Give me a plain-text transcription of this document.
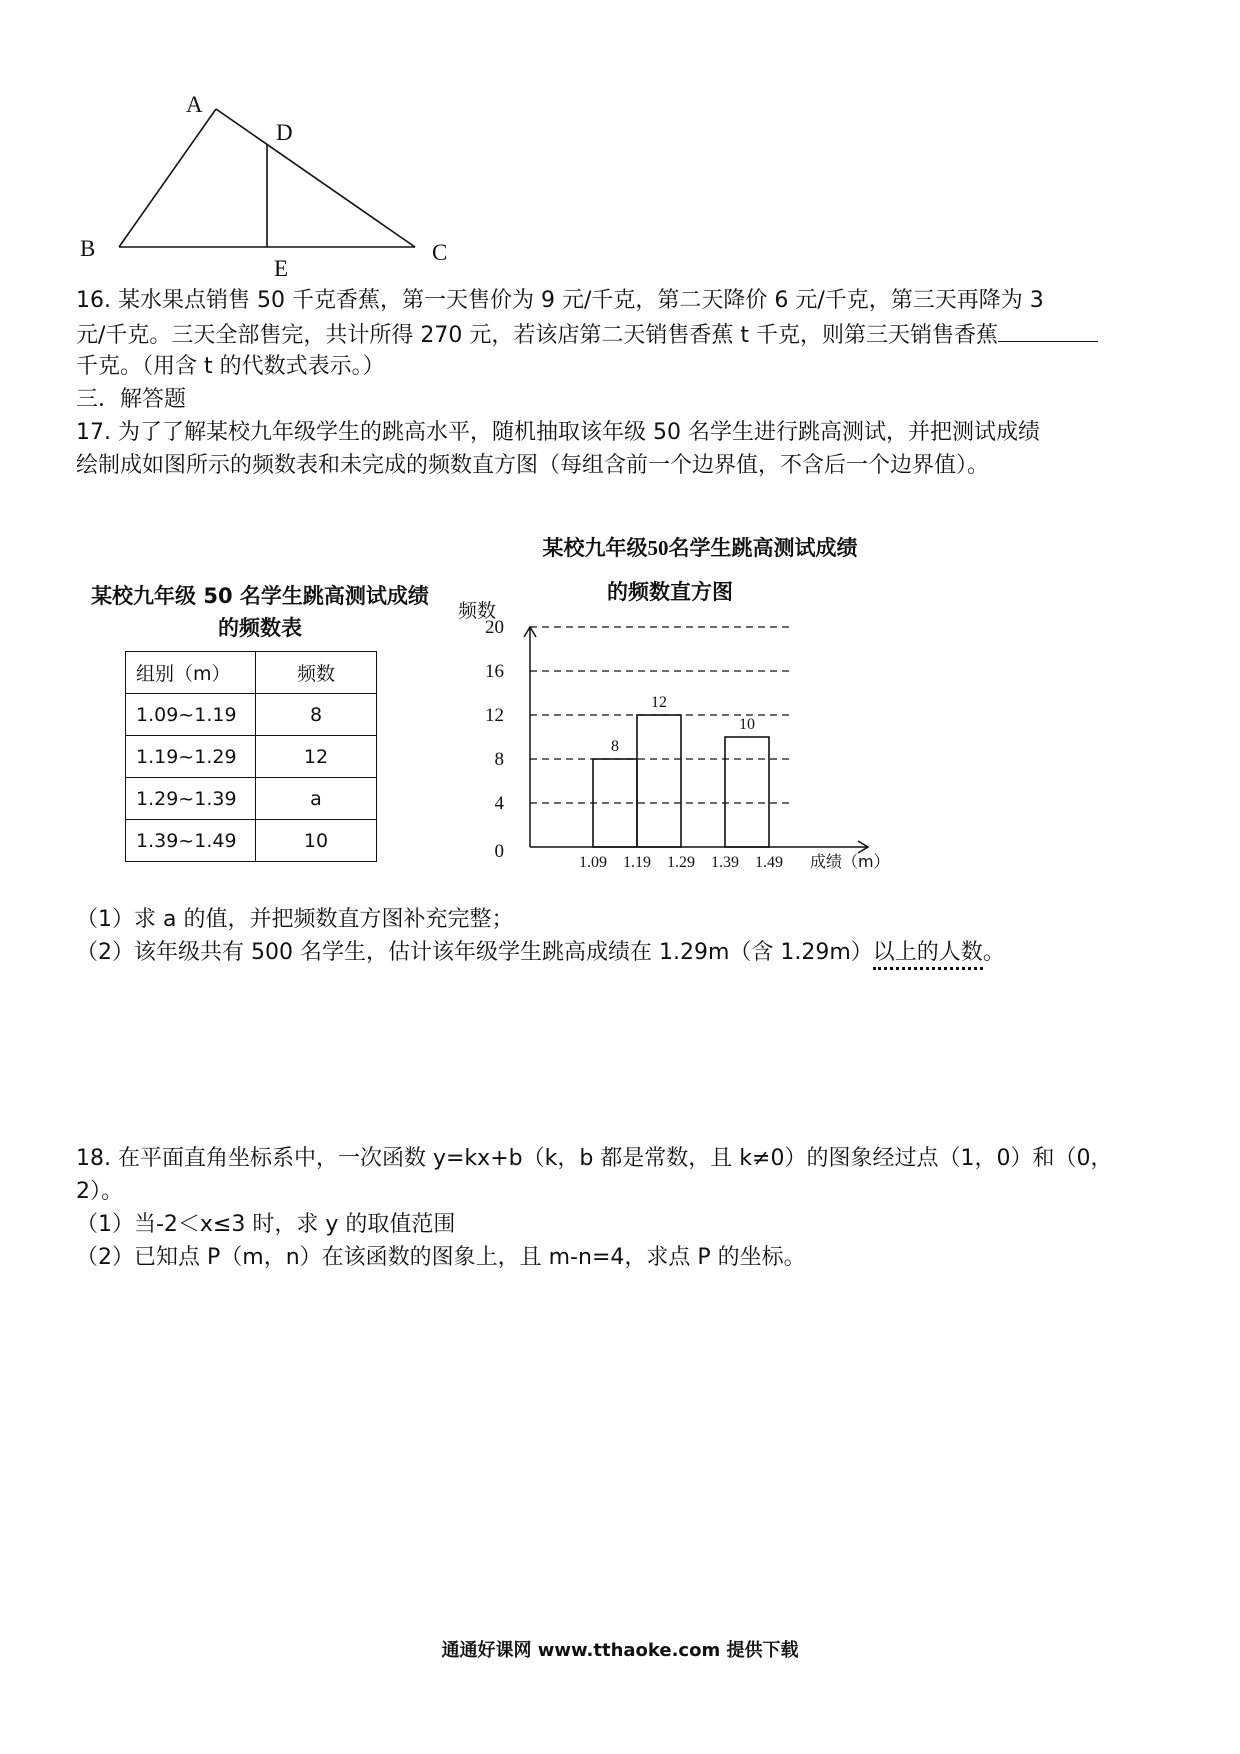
A
D
B	C
E
16. 某水果点销售 50 千克香蕉，第一天售价为 9 元/千克，第二天降价 6 元/千克，第三天再降为 3
元/千克。三天全部售完，共计所得 270 元，若该店第二天销售香蕉 t 千克，则第三天销售香蕉
千克。（用含 t 的代数式表示。）
三．解答题
17. 为了了解某校九年级学生的跳高水平，随机抽取该年级 50 名学生进行跳高测试，并把测试成绩
绘制成如图所示的频数表和未完成的频数直方图（每组含前一个边界值，不含后一个边界值）。
某校九年级 50 名学生跳高测试成绩
的频数表
组别（m）	频数
1.09~1.19	8
1.19~1.29	12
1.29~1.39	a
1.39~1.49	10
某校九年级50名学生跳高测试成绩
的频数直方图
0
4
8
12
16
20
1.09 1.19 1.29 1.39 1.49
8
12
10
频数
成绩（m）
（1）求 a 的值，并把频数直方图补充完整；
（2）该年级共有 500 名学生，估计该年级学生跳高成绩在 1.29m（含 1.29m）以上的人数。
18. 在平面直角坐标系中，一次函数 y=kx+b（k，b 都是常数，且 k≠0）的图象经过点（1，0）和（0，
2）。
（1）当-2＜x≤3 时，求 y 的取值范围
（2）已知点 P（m，n）在该函数的图象上，且 m-n=4，求点 P 的坐标。
通通好课网 www.tthaoke.com 提供下载
